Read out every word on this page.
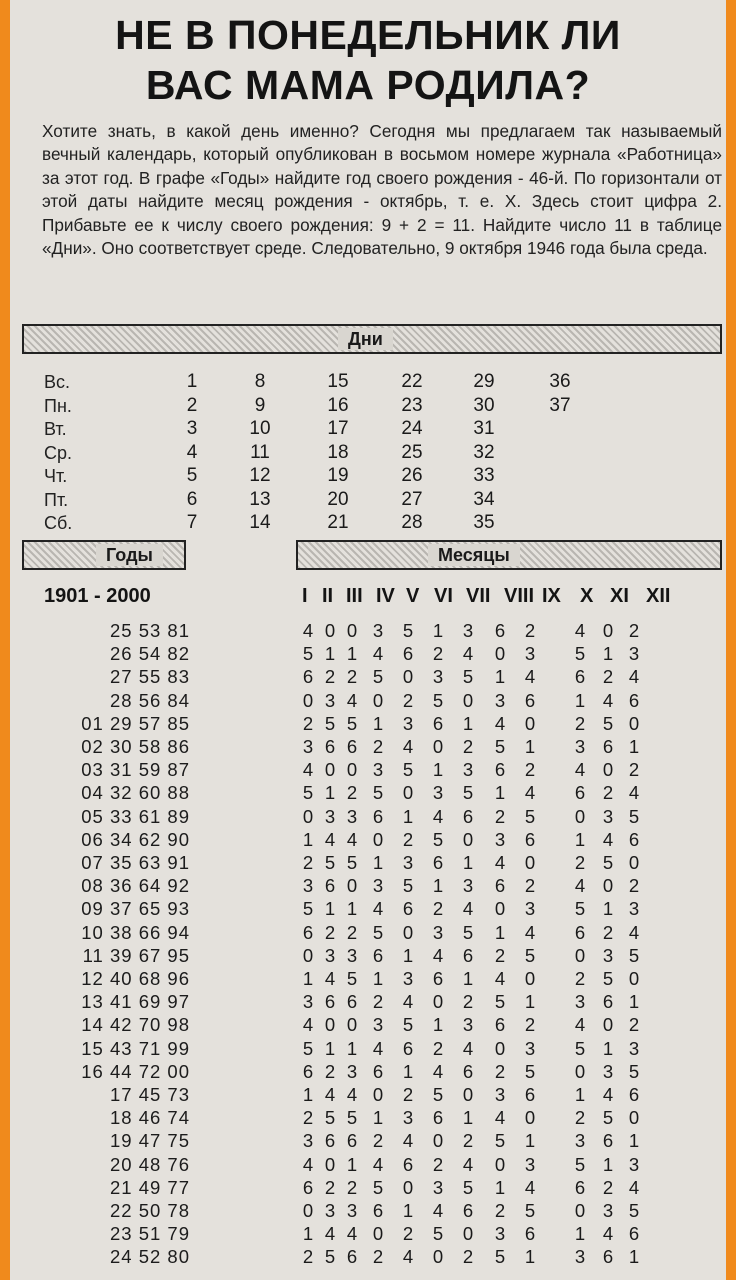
НЕ В ПОНЕДЕЛЬНИК ЛИ
ВАС МАМА РОДИЛА?
Хотите знать, в какой день именно? Сегодня мы предлагаем так называемый вечный календарь, который опубликован в восьмом номере журнала «Работница» за этот год. В графе «Годы» найдите год своего рождения - 46-й. По горизонтали от этой даты найдите месяц рождения - октябрь, т. е. X. Здесь стоит цифра 2. Прибавьте ее к числу своего рождения: 9 + 2 = 11. Найдите число 11 в таблице «Дни». Оно соответствует среде. Следовательно, 9 октября 1946 года была среда.
Дни
Вс.	1	8	15	22	29	36
Пн.	2	9	16	23	30	37
Вт.	3	10	17	24	31
Ср.	4	11	18	25	32
Чт.	5	12	19	26	33
Пт.	6	13	20	27	34
Сб.	7	14	21	28	35
Годы	Месяцы
1901 - 2000	I II III IV V VI VII VIII IX X XI XII
25 53 81	4 0 0 3 5 1 3 6 2 4 0 2
26 54 82	5 1 1 4 6 2 4 0 3 5 1 3
27 55 83	6 2 2 5 0 3 5 1 4 6 2 4
28 56 84	0 3 4 0 2 5 0 3 6 1 4 6
01 29 57 85	2 5 5 1 3 6 1 4 0 2 5 0
02 30 58 86	3 6 6 2 4 0 2 5 1 3 6 1
03 31 59 87	4 0 0 3 5 1 3 6 2 4 0 2
04 32 60 88	5 1 2 5 0 3 5 1 4 6 2 4
05 33 61 89	0 3 3 6 1 4 6 2 5 0 3 5
06 34 62 90	1 4 4 0 2 5 0 3 6 1 4 6
07 35 63 91	2 5 5 1 3 6 1 4 0 2 5 0
08 36 64 92	3 6 0 3 5 1 3 6 2 4 0 2
09 37 65 93	5 1 1 4 6 2 4 0 3 5 1 3
10 38 66 94	6 2 2 5 0 3 5 1 4 6 2 4
11 39 67 95	0 3 3 6 1 4 6 2 5 0 3 5
12 40 68 96	1 4 5 1 3 6 1 4 0 2 5 0
13 41 69 97	3 6 6 2 4 0 2 5 1 3 6 1
14 42 70 98	4 0 0 3 5 1 3 6 2 4 0 2
15 43 71 99	5 1 1 4 6 2 4 0 3 5 1 3
16 44 72 00	6 2 3 6 1 4 6 2 5 0 3 5
17 45 73	1 4 4 0 2 5 0 3 6 1 4 6
18 46 74	2 5 5 1 3 6 1 4 0 2 5 0
19 47 75	3 6 6 2 4 0 2 5 1 3 6 1
20 48 76	4 0 1 4 6 2 4 0 3 5 1 3
21 49 77	6 2 2 5 0 3 5 1 4 6 2 4
22 50 78	0 3 3 6 1 4 6 2 5 0 3 5
23 51 79	1 4 4 0 2 5 0 3 6 1 4 6
24 52 80	2 5 6 2 4 0 2 5 1 3 6 1
